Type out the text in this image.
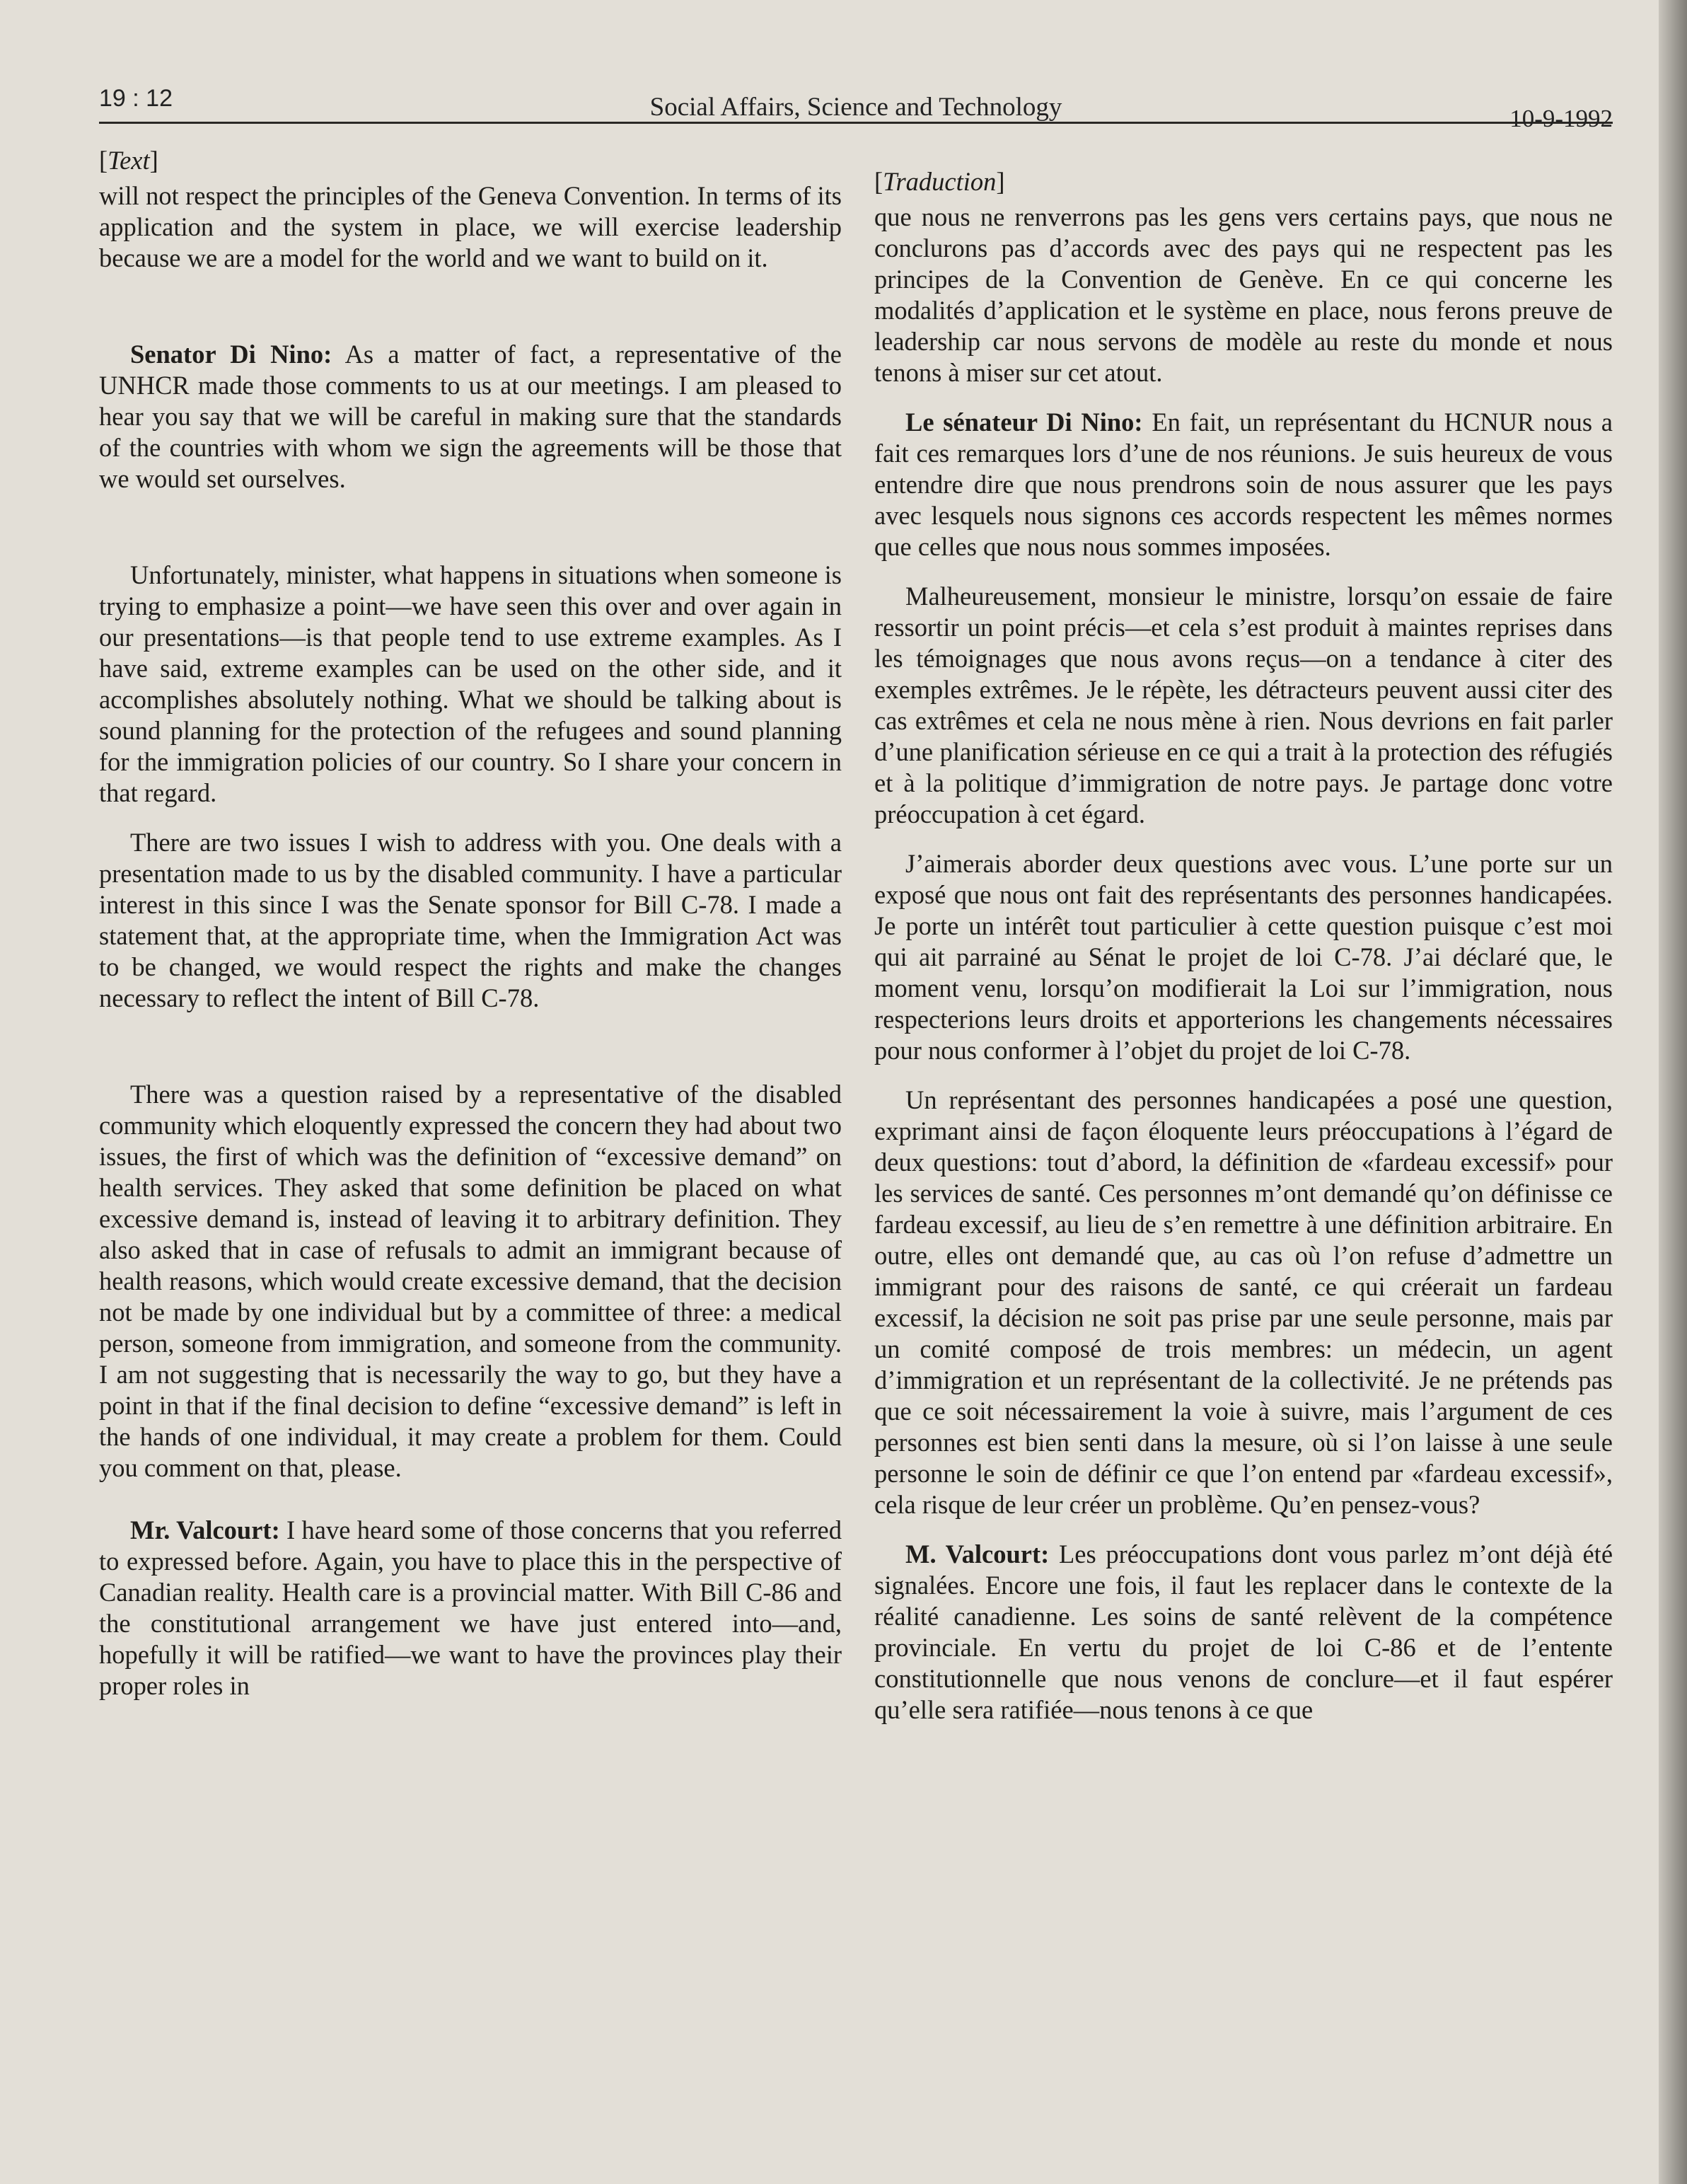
19 : 12	Social Affairs, Science and Technology	10-9-1992
[Text]

will not respect the principles of the Geneva Convention. In terms of its application and the system in place, we will exercise leadership because we are a model for the world and we want to build on it.

Senator Di Nino: As a matter of fact, a representative of the UNHCR made those comments to us at our meetings. I am pleased to hear you say that we will be careful in making sure that the standards of the countries with whom we sign the agreements will be those that we would set ourselves.

Unfortunately, minister, what happens in situations when someone is trying to emphasize a point—we have seen this over and over again in our presentations—is that people tend to use extreme examples. As I have said, extreme examples can be used on the other side, and it accomplishes absolutely nothing. What we should be talking about is sound planning for the protection of the refugees and sound planning for the immigration policies of our country. So I share your concern in that regard.

There are two issues I wish to address with you. One deals with a presentation made to us by the disabled community. I have a particular interest in this since I was the Senate sponsor for Bill C-78. I made a statement that, at the appropriate time, when the Immigration Act was to be changed, we would respect the rights and make the changes necessary to reflect the intent of Bill C-78.

There was a question raised by a representative of the disabled community which eloquently expressed the concern they had about two issues, the first of which was the definition of “excessive demand” on health services. They asked that some definition be placed on what excessive demand is, instead of leaving it to arbitrary definition. They also asked that in case of refusals to admit an immigrant because of health reasons, which would create excessive demand, that the decision not be made by one individual but by a committee of three: a medical person, someone from immigration, and someone from the community. I am not suggesting that is necessarily the way to go, but they have a point in that if the final decision to define “excessive demand” is left in the hands of one individual, it may create a problem for them. Could you comment on that, please.

Mr. Valcourt: I have heard some of those concerns that you referred to expressed before. Again, you have to place this in the perspective of Canadian reality. Health care is a provincial matter. With Bill C-86 and the constitutional arrangement we have just entered into—and, hopefully it will be ratified—we want to have the provinces play their proper roles in

[Traduction]

que nous ne renverrons pas les gens vers certains pays, que nous ne conclurons pas d’accords avec des pays qui ne respectent pas les principes de la Convention de Genève. En ce qui concerne les modalités d’application et le système en place, nous ferons preuve de leadership car nous servons de modèle au reste du monde et nous tenons à miser sur cet atout.

Le sénateur Di Nino: En fait, un représentant du HCNUR nous a fait ces remarques lors d’une de nos réunions. Je suis heureux de vous entendre dire que nous prendrons soin de nous assurer que les pays avec lesquels nous signons ces accords respectent les mêmes normes que celles que nous nous sommes imposées.

Malheureusement, monsieur le ministre, lorsqu’on essaie de faire ressortir un point précis—et cela s’est produit à maintes reprises dans les témoignages que nous avons reçus—on a tendance à citer des exemples extrêmes. Je le répète, les détracteurs peuvent aussi citer des cas extrêmes et cela ne nous mène à rien. Nous devrions en fait parler d’une planification sérieuse en ce qui a trait à la protection des réfugiés et à la politique d’immigration de notre pays. Je partage donc votre préoccupation à cet égard.

J’aimerais aborder deux questions avec vous. L’une porte sur un exposé que nous ont fait des représentants des personnes handicapées. Je porte un intérêt tout particulier à cette question puisque c’est moi qui ait parrainé au Sénat le projet de loi C-78. J’ai déclaré que, le moment venu, lorsqu’on modifierait la Loi sur l’immigration, nous respecterions leurs droits et apporterions les changements nécessaires pour nous conformer à l’objet du projet de loi C-78.

Un représentant des personnes handicapées a posé une question, exprimant ainsi de façon éloquente leurs préoccupations à l’égard de deux questions: tout d’abord, la définition de «fardeau excessif» pour les services de santé. Ces personnes m’ont demandé qu’on définisse ce fardeau excessif, au lieu de s’en remettre à une définition arbitraire. En outre, elles ont demandé que, au cas où l’on refuse d’admettre un immigrant pour des raisons de santé, ce qui créerait un fardeau excessif, la décision ne soit pas prise par une seule personne, mais par un comité composé de trois membres: un médecin, un agent d’immigration et un représentant de la collectivité. Je ne prétends pas que ce soit nécessairement la voie à suivre, mais l’argument de ces personnes est bien senti dans la mesure, où si l’on laisse à une seule personne le soin de définir ce que l’on entend par «fardeau excessif», cela risque de leur créer un problème. Qu’en pensez-vous?

M. Valcourt: Les préoccupations dont vous parlez m’ont déjà été signalées. Encore une fois, il faut les replacer dans le contexte de la réalité canadienne. Les soins de santé relèvent de la compétence provinciale. En vertu du projet de loi C-86 et de l’entente constitutionnelle que nous venons de conclure—et il faut espérer qu’elle sera ratifiée—nous tenons à ce que
